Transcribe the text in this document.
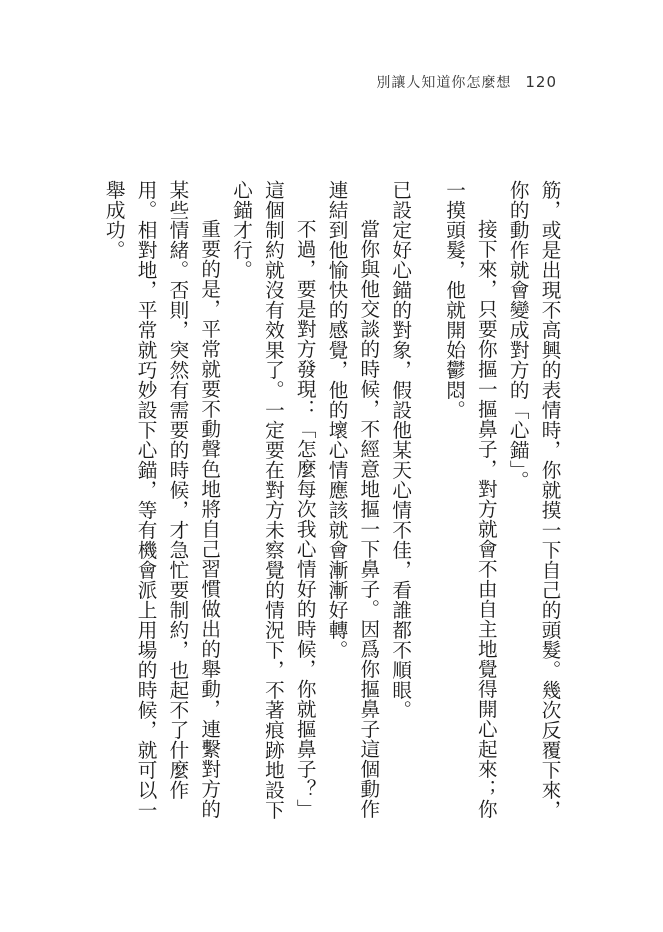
別讓人知道你怎麼想 120

筋，或是出現不高興的表情時，你就摸一下自己的頭髮。幾次反覆下來，你的動作就會變成對方的「心錨」。

接下來，只要你摳一摳鼻子，對方就會不由自主地覺得開心起來；你一摸頭髮，他就開始鬱悶。

已設定好心錨的對象，假設他某天心情不佳，看誰都不順眼。

當你與他交談的時候，不經意地摳一下鼻子。因爲你摳鼻子這個動作連結到他愉快的感覺，他的壞心情應該就會漸漸好轉。

不過，要是對方發現：「怎麼每次我心情好的時候，你就摳鼻子？」這個制約就沒有效果了。一定要在對方未察覺的情況下，不著痕跡地設下心錨才行。

重要的是，平常就要不動聲色地將自己習慣做出的舉動，連繫對方的某些情緒。否則，突然有需要的時候，才急忙要制約，也起不了什麼作用。相對地，平常就巧妙設下心錨，等有機會派上用場的時候，就可以一舉成功。
